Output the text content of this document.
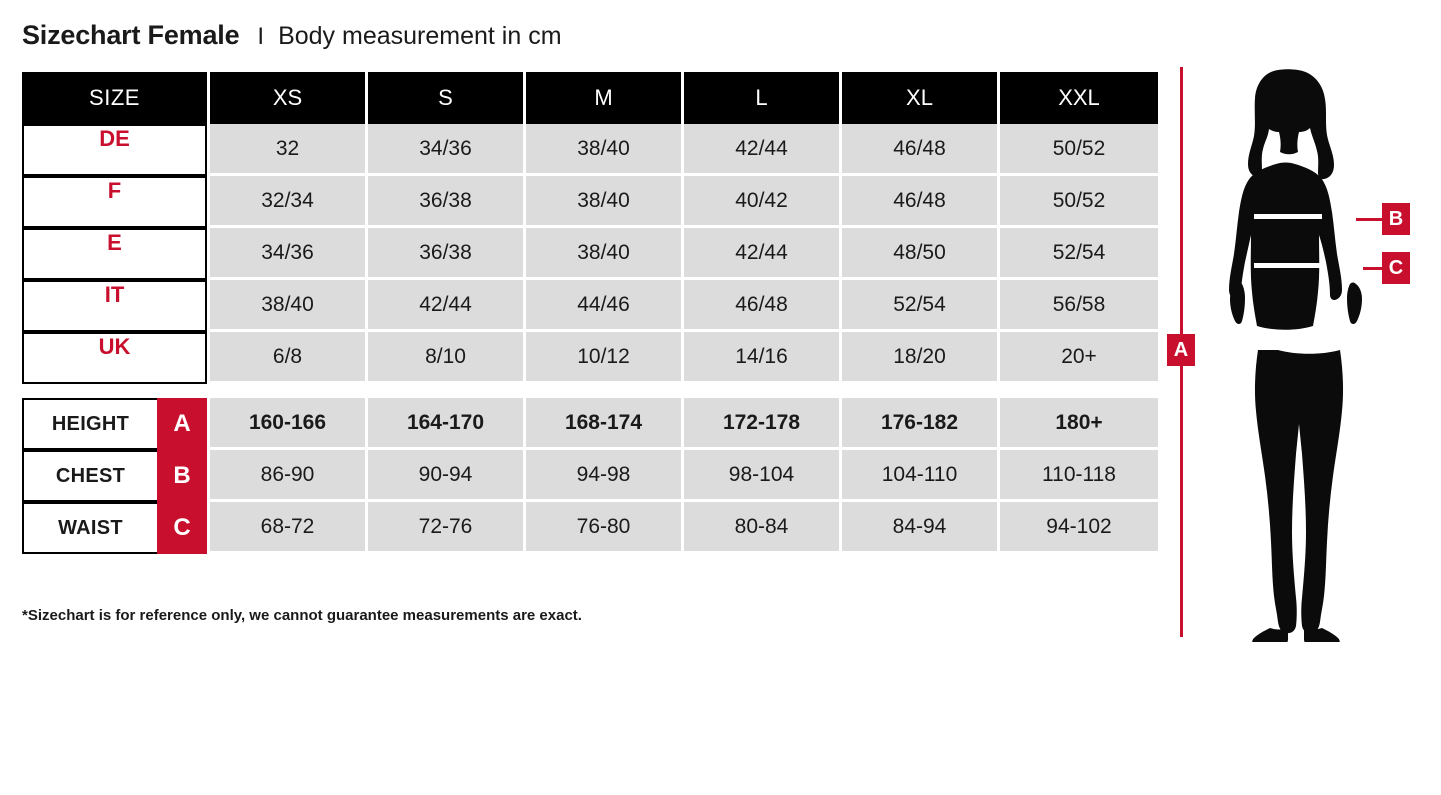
Sizechart Female I Body measurement in cm
SIZE	XS	S	M	L	XL	XXL

DE	32	34/36	38/40	42/44	46/48	50/52

F	32/34	36/38	38/40	40/42	46/48	50/52

E	34/36	36/38	38/40	42/44	48/50	52/54

IT	38/40	42/44	44/46	46/48	52/54	56/58

UK	6/8	8/10	10/12	14/16	18/20	20+

HEIGHT A	160-166	164-170	168-174	172-178	176-182	180+

CHEST B	86-90	90-94	94-98	98-104	104-110	110-118

WAIST C	68-72	72-76	76-80	80-84	84-94	94-102
*Sizechart is for reference only, we cannot guarantee measurements are exact.
A
B
C
